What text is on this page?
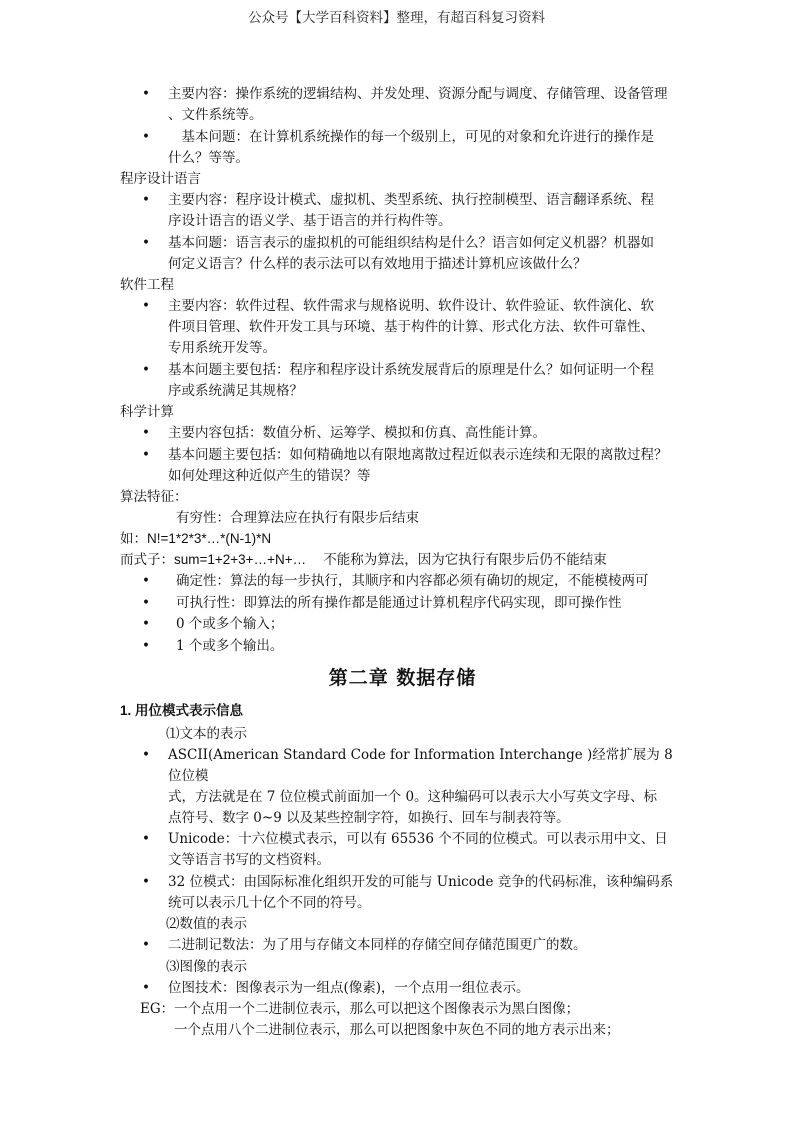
公众号【大学百科资料】整理，有超百科复习资料
• 主要内容：操作系统的逻辑结构、并发处理、资源分配与调度、存储管理、设备管理
、文件系统等。
• 　基本问题：在计算机系统操作的每一个级别上，可见的对象和允许进行的操作是
什么？等等。
程序设计语言
• 主要内容：程序设计模式、虚拟机、类型系统、执行控制模型、语言翻译系统、程
序设计语言的语义学、基于语言的并行构件等。
• 基本问题：语言表示的虚拟机的可能组织结构是什么？语言如何定义机器？机器如
何定义语言？什么样的表示法可以有效地用于描述计算机应该做什么？
软件工程
• 主要内容：软件过程、软件需求与规格说明、软件设计、软件验证、软件演化、软
件项目管理、软件开发工具与环境、基于构件的计算、形式化方法、软件可靠性、
专用系统开发等。
• 基本问题主要包括：程序和程序设计系统发展背后的原理是什么？如何证明一个程
序或系统满足其规格？
科学计算
• 主要内容包括：数值分析、运筹学、模拟和仿真、高性能计算。
• 基本问题主要包括：如何精确地以有限地离散过程近似表示连续和无限的离散过程？
如何处理这种近似产生的错误？等
算法特征：
有穷性：合理算法应在执行有限步后结束
如：N!=1*2*3*…*(N-1)*N
而式子：sum=1+2+3+…+N+… 不能称为算法，因为它执行有限步后仍不能结束
• 确定性：算法的每一步执行，其顺序和内容都必须有确切的规定，不能模棱两可
• 可执行性：即算法的所有操作都是能通过计算机程序代码实现，即可操作性
• 0 个或多个输入；
• 1 个或多个输出。
第二章 数据存储
1. 用位模式表示信息
⑴文本的表示
• ASCII(American Standard Code for Information Interchange )经常扩展为 8 位位模
式，方法就是在 7 位位模式前面加一个 0。这种编码可以表示大小写英文字母、标
点符号、数字 0~9 以及某些控制字符，如换行、回车与制表符等。
• Unicode：十六位模式表示，可以有 65536 个不同的位模式。可以表示用中文、日
文等语言书写的文档资料。
• 32 位模式：由国际标准化组织开发的可能与 Unicode 竞争的代码标准，该种编码系
统可以表示几十亿个不同的符号。
⑵数值的表示
• 二进制记数法：为了用与存储文本同样的存储空间存储范围更广的数。
⑶图像的表示
• 位图技术：图像表示为一组点(像素)，一个点用一组位表示。
EG：一个点用一个二进制位表示，那么可以把这个图像表示为黑白图像；
一个点用八个二进制位表示，那么可以把图象中灰色不同的地方表示出来；
